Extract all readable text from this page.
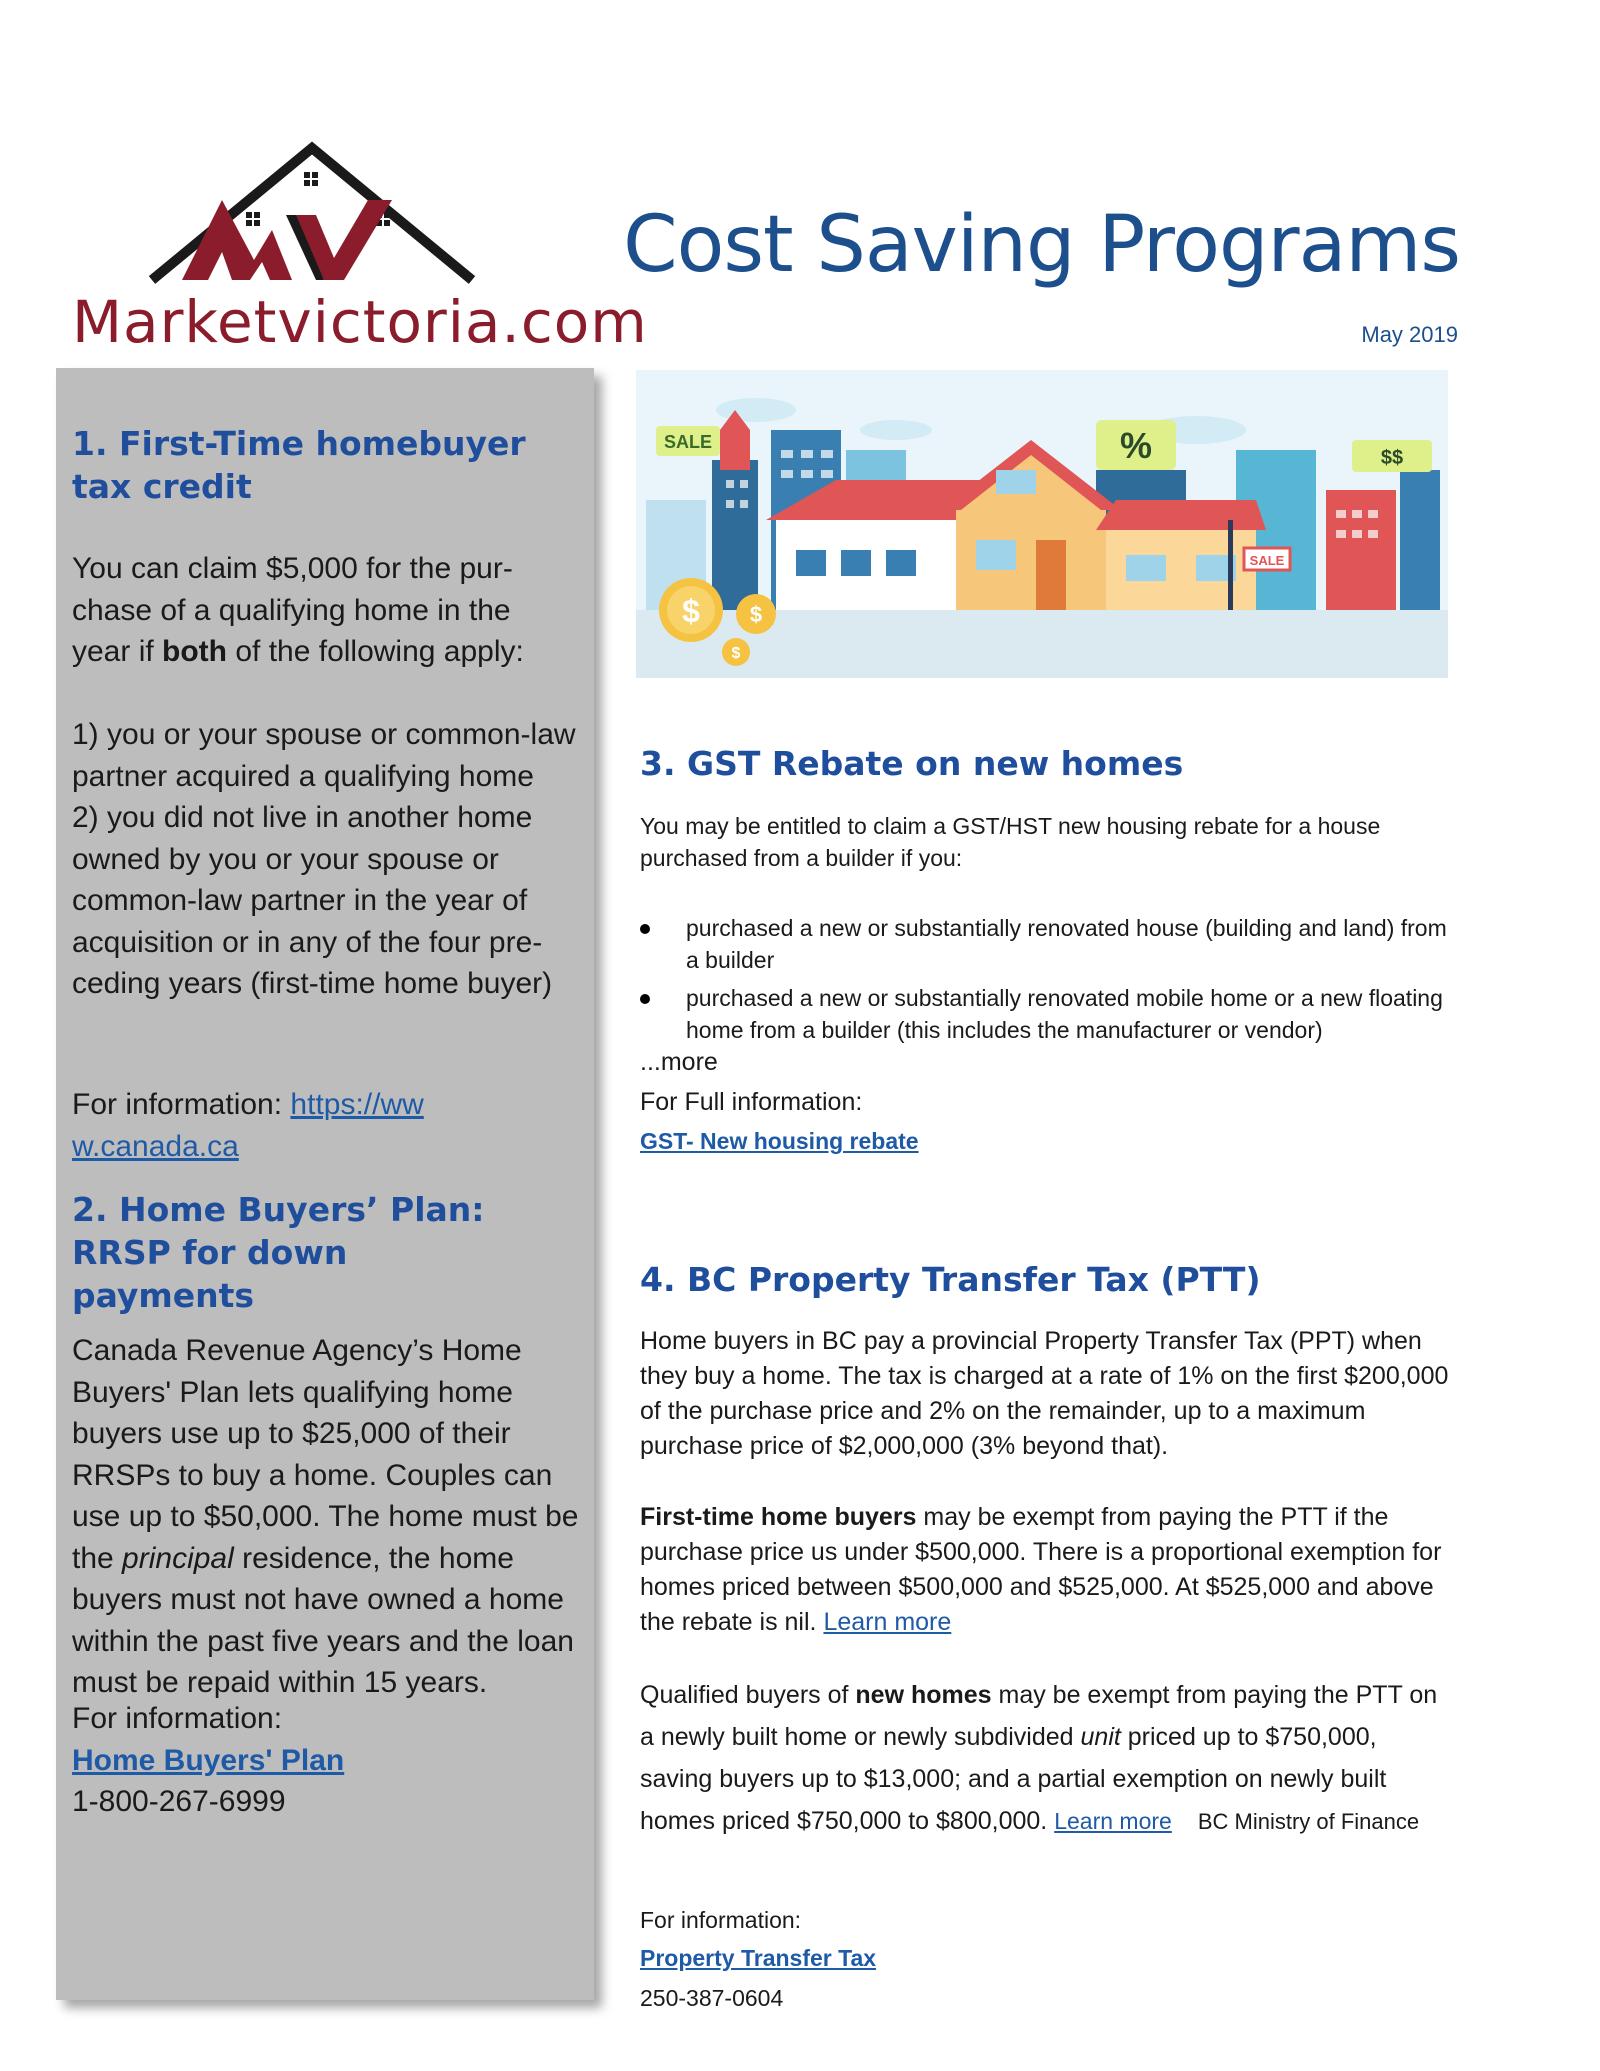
Marketvictoria.com
Cost Saving Programs
May 2019
1. First-Time homebuyer tax credit

You can claim $5,000 for the pur-chase of a qualifying home in the year if both of the following apply:

1) you or your spouse or common-law partner acquired a qualifying home

2) you did not live in another home owned by you or your spouse or common-law partner in the year of acquisition or in any of the four pre-ceding years (first-time home buyer)

For information: https://www.canada.ca

2. Home Buyers’ Plan: RRSP for down payments

Canada Revenue Agency’s Home Buyers' Plan lets qualifying home buyers use up to $25,000 of their RRSPs to buy a home. Couples can use up to $50,000. The home must be the principal residence, the home buyers must not have owned a home within the past five years and the loan must be repaid within 15 years.

For information:

Home Buyers' Plan

1-800-267-6999

SALE	%	$$
SALE
$ $
$
3. GST Rebate on new homes

You may be entitled to claim a GST/HST new housing rebate for a house purchased from a builder if you:

purchased a new or substantially renovated house (building and land) from a builder
purchased a new or substantially renovated mobile home or a new floating home from a builder (this includes the manufacturer or vendor)

...more

For Full information:

GST- New housing rebate

4. BC Property Transfer Tax (PTT)

Home buyers in BC pay a provincial Property Transfer Tax (PPT) when they buy a home. The tax is charged at a rate of 1% on the first $200,000 of the purchase price and 2% on the remainder, up to a maximum purchase price of $2,000,000 (3% beyond that).

First-time home buyers may be exempt from paying the PTT if the purchase price us under $500,000. There is a proportional exemption for homes priced between $500,000 and $525,000. At $525,000 and above the rebate is nil. Learn more

Qualified buyers of new homes may be exempt from paying the PTT on a newly built home or newly subdivided unit priced up to $750,000, saving buyers up to $13,000; and a partial exemption on newly built homes priced $750,000 to $800,000. Learn more BC Ministry of Finance

For information:

Property Transfer Tax

250-387-0604
